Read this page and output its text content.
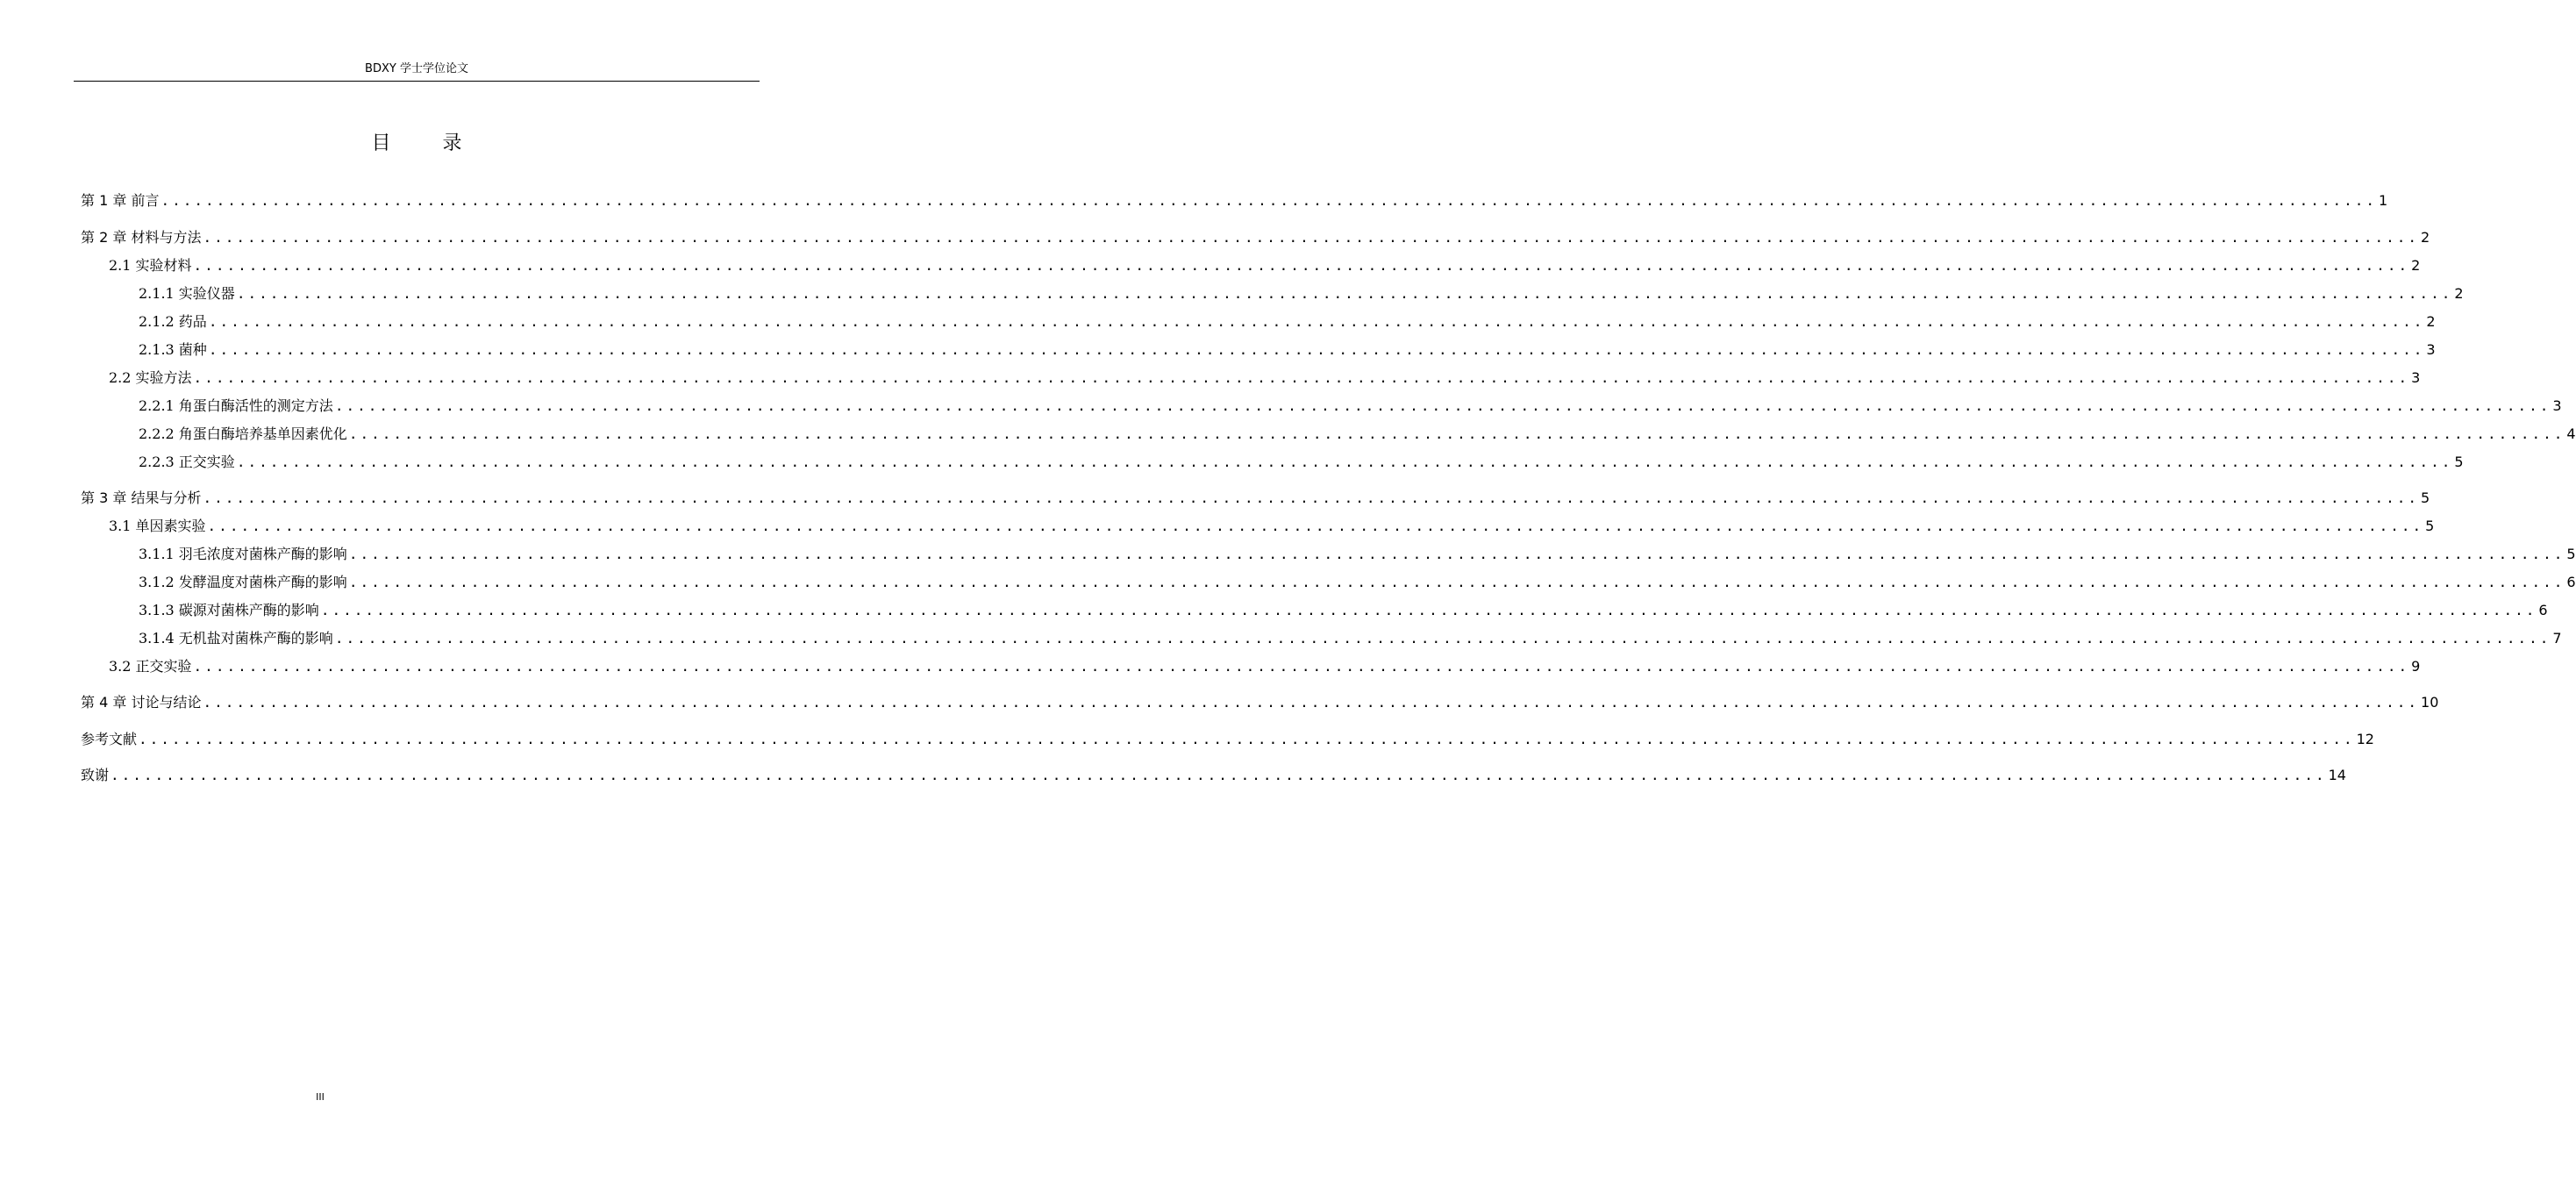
BDXY 学士学位论文
目 录
第 1 章 前言 ........................................................................................................................................................................................................ 1
第 2 章 材料与方法 ........................................................................................................................................................................................................ 2
2.1 实验材料 ........................................................................................................................................................................................................ 2
2.1.1 实验仪器 ........................................................................................................................................................................................................ 2
2.1.2 药品 ........................................................................................................................................................................................................ 2
2.1.3 菌种 ........................................................................................................................................................................................................ 3
2.2 实验方法 ........................................................................................................................................................................................................ 3
2.2.1 角蛋白酶活性的测定方法 ........................................................................................................................................................................................................ 3
2.2.2 角蛋白酶培养基单因素优化 ........................................................................................................................................................................................................ 4
2.2.3 正交实验 ........................................................................................................................................................................................................ 5
第 3 章 结果与分析 ........................................................................................................................................................................................................ 5
3.1 单因素实验 ........................................................................................................................................................................................................ 5
3.1.1 羽毛浓度对菌株产酶的影响 ........................................................................................................................................................................................................ 5
3.1.2 发酵温度对菌株产酶的影响 ........................................................................................................................................................................................................ 6
3.1.3 碳源对菌株产酶的影响 ........................................................................................................................................................................................................ 6
3.1.4 无机盐对菌株产酶的影响 ........................................................................................................................................................................................................ 7
3.2 正交实验 ........................................................................................................................................................................................................ 9
第 4 章 讨论与结论 ........................................................................................................................................................................................................ 10
参考文献 ........................................................................................................................................................................................................ 12
致谢 ........................................................................................................................................................................................................ 14
III
